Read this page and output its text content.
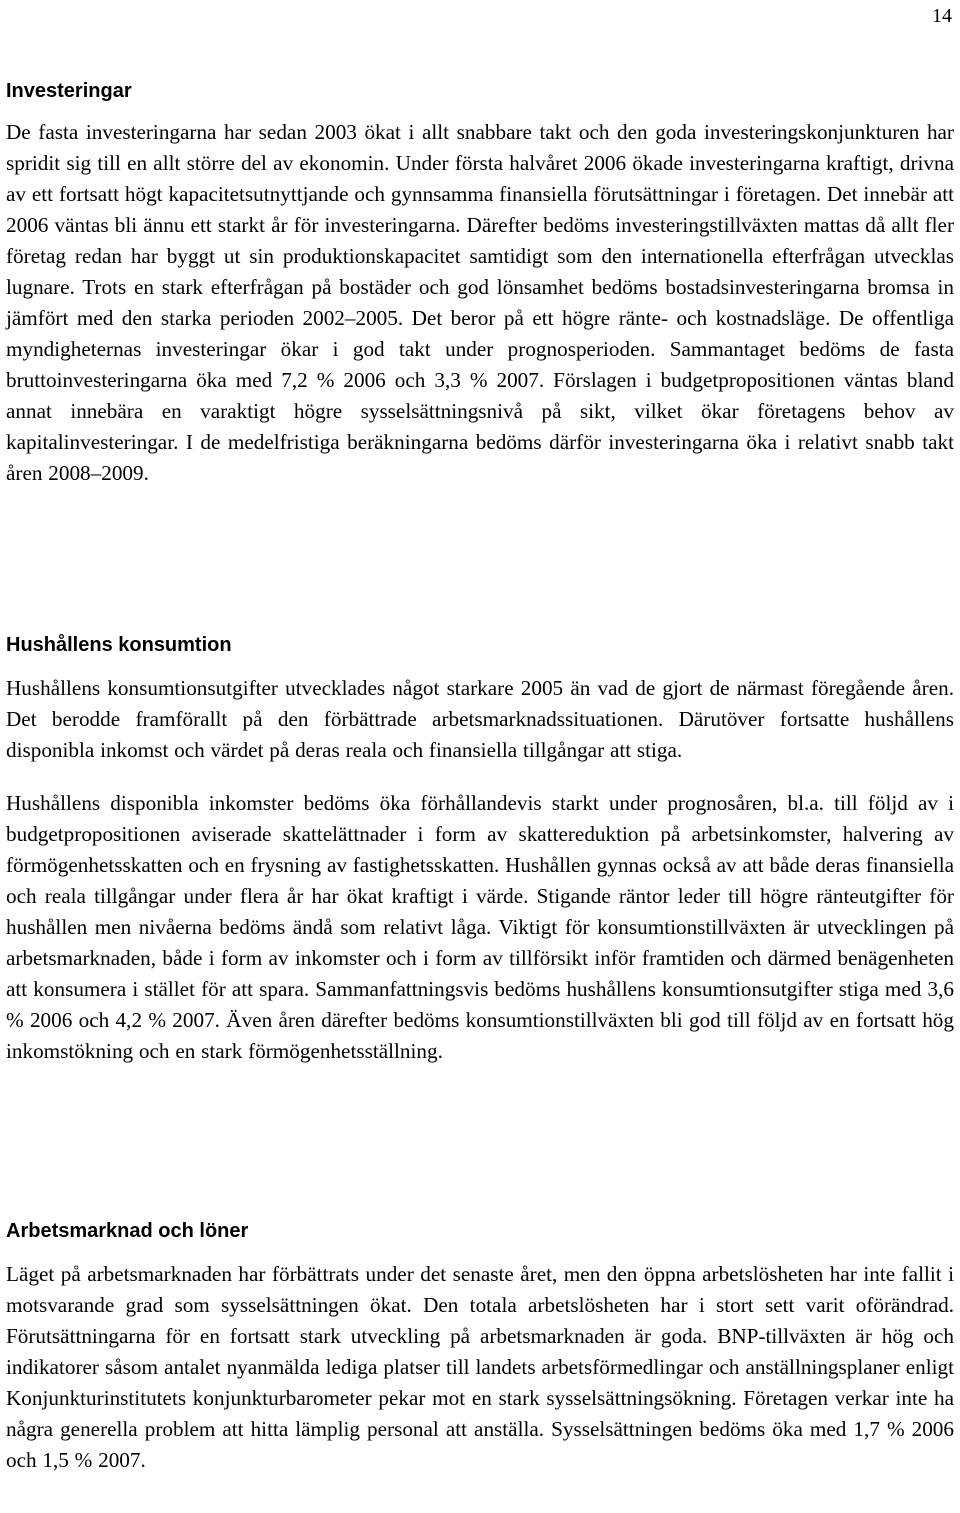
14
Investeringar

De fasta investeringarna har sedan 2003 ökat i allt snabbare takt och den goda investeringskonjunkturen har spridit sig till en allt större del av ekonomin. Under första halvåret 2006 ökade investeringarna kraftigt, drivna av ett fortsatt högt kapacitetsutnyttjande och gynnsamma finansiella förutsättningar i företagen. Det innebär att 2006 väntas bli ännu ett starkt år för investeringarna. Därefter bedöms investeringstillväxten mattas då allt fler företag redan har byggt ut sin produktionskapacitet samtidigt som den internationella efterfrågan utvecklas lugnare. Trots en stark efterfrågan på bostäder och god lönsamhet bedöms bostadsinvesteringarna bromsa in jämfört med den starka perioden 2002–2005. Det beror på ett högre ränte- och kostnadsläge. De offentliga myndigheternas investeringar ökar i god takt under prognosperioden. Sammantaget bedöms de fasta bruttoinvesteringarna öka med 7,2 % 2006 och 3,3 % 2007. Förslagen i budgetpropositionen väntas bland annat innebära en varaktigt högre sysselsättningsnivå på sikt, vilket ökar företagens behov av kapitalinvesteringar. I de medelfristiga beräkningarna bedöms därför investeringarna öka i relativt snabb takt åren 2008–2009.

Hushållens konsumtion

Hushållens konsumtionsutgifter utvecklades något starkare 2005 än vad de gjort de närmast föregående åren. Det berodde framförallt på den förbättrade arbetsmarknadssituationen. Därutöver fortsatte hushållens disponibla inkomst och värdet på deras reala och finansiella tillgångar att stiga.

Hushållens disponibla inkomster bedöms öka förhållandevis starkt under prognosåren, bl.a. till följd av i budgetpropositionen aviserade skattelättnader i form av skattereduktion på arbetsinkomster, halvering av förmögenhetsskatten och en frysning av fastighetsskatten. Hushållen gynnas också av att både deras finansiella och reala tillgångar under flera år har ökat kraftigt i värde. Stigande räntor leder till högre ränteutgifter för hushållen men nivåerna bedöms ändå som relativt låga. Viktigt för konsumtionstillväxten är utvecklingen på arbetsmarknaden, både i form av inkomster och i form av tillförsikt inför framtiden och därmed benägenheten att konsumera i stället för att spara. Sammanfattningsvis bedöms hushållens konsumtionsutgifter stiga med 3,6 % 2006 och 4,2 % 2007. Även åren därefter bedöms konsumtionstillväxten bli god till följd av en fortsatt hög inkomstökning och en stark förmögenhetsställning.

Arbetsmarknad och löner

Läget på arbetsmarknaden har förbättrats under det senaste året, men den öppna arbetslösheten har inte fallit i motsvarande grad som sysselsättningen ökat. Den totala arbetslösheten har i stort sett varit oförändrad. Förutsättningarna för en fortsatt stark utveckling på arbetsmarknaden är goda. BNP-tillväxten är hög och indikatorer såsom antalet nyanmälda lediga platser till landets arbetsförmedlingar och anställningsplaner enligt Konjunkturinstitutets konjunkturbarometer pekar mot en stark sysselsättningsökning. Företagen verkar inte ha några generella problem att hitta lämplig personal att anställa. Sysselsättningen bedöms öka med 1,7 % 2006 och 1,5 % 2007.
